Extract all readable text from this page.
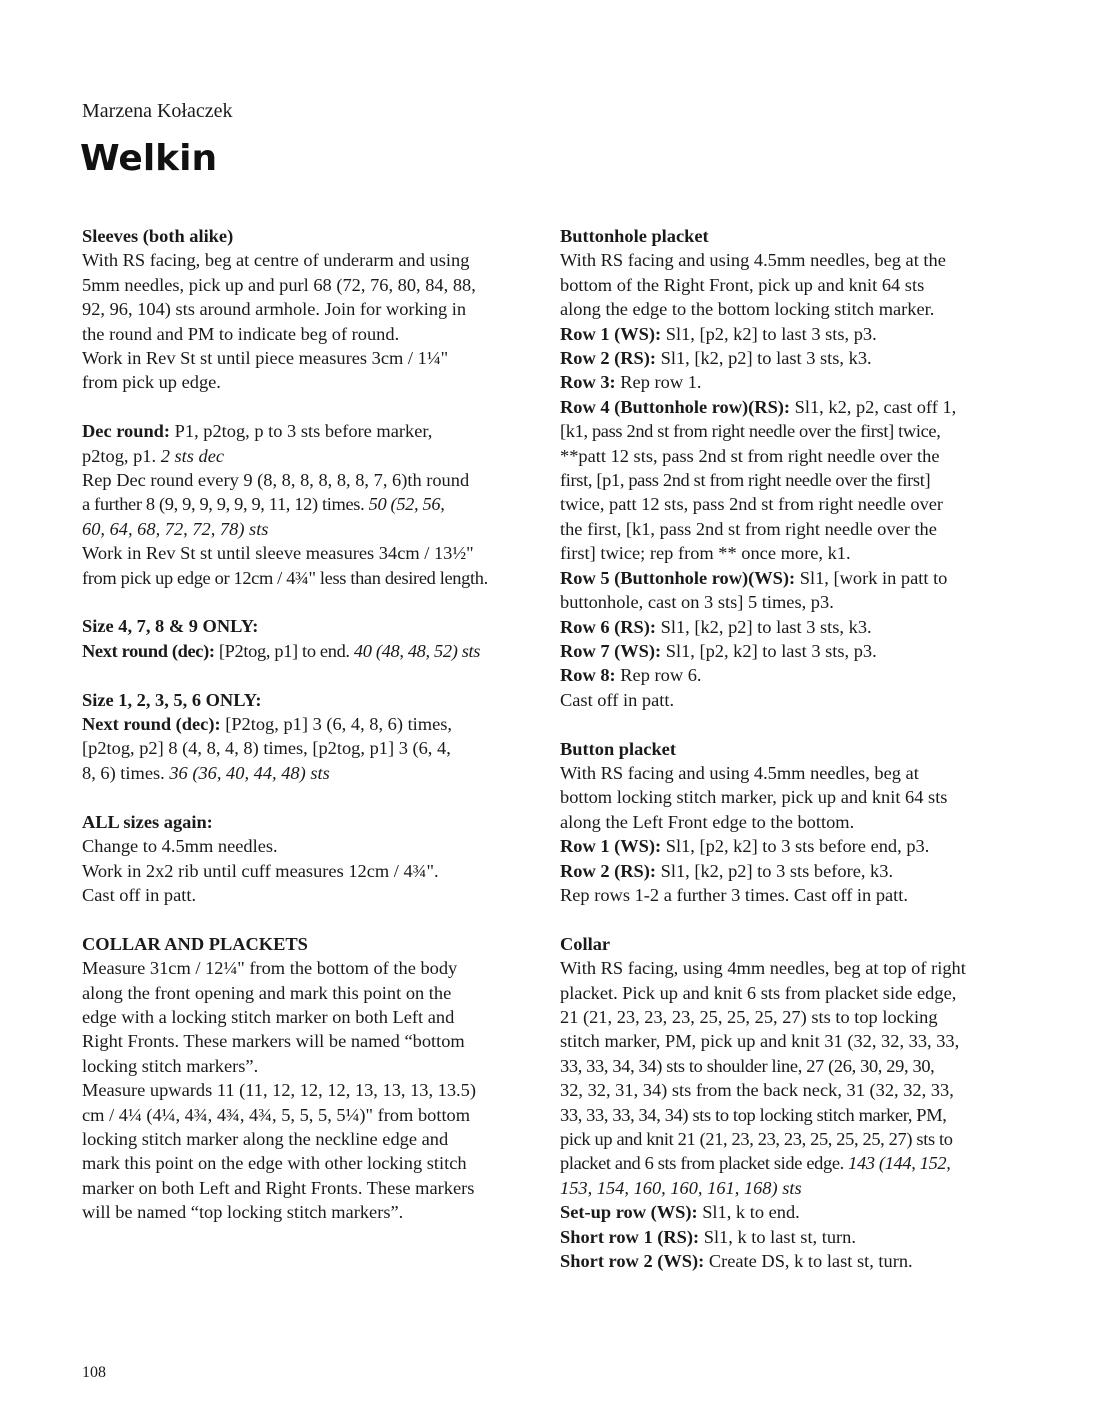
Marzena Kołaczek
Welkin
Sleeves (both alike)
With RS facing, beg at centre of underarm and using
5mm needles, pick up and purl 68 (72, 76, 80, 84, 88,
92, 96, 104) sts around armhole. Join for working in
the round and PM to indicate beg of round.
Work in Rev St st until piece measures 3cm / 1¼"
from pick up edge.
Dec round: P1, p2tog, p to 3 sts before marker,
p2tog, p1. 2 sts dec
Rep Dec round every 9 (8, 8, 8, 8, 8, 8, 7, 6)th round
a further 8 (9, 9, 9, 9, 9, 9, 11, 12) times. 50 (52, 56,
60, 64, 68, 72, 72, 78) sts
Work in Rev St st until sleeve measures 34cm / 13½"
from pick up edge or 12cm / 4¾" less than desired length.
Size 4, 7, 8 & 9 ONLY:
Next round (dec): [P2tog, p1] to end. 40 (48, 48, 52) sts
Size 1, 2, 3, 5, 6 ONLY:
Next round (dec): [P2tog, p1] 3 (6, 4, 8, 6) times,
[p2tog, p2] 8 (4, 8, 4, 8) times, [p2tog, p1] 3 (6, 4,
8, 6) times. 36 (36, 40, 44, 48) sts
ALL sizes again:
Change to 4.5mm needles.
Work in 2x2 rib until cuff measures 12cm / 4¾".
Cast off in patt.
COLLAR AND PLACKETS
Measure 31cm / 12¼" from the bottom of the body
along the front opening and mark this point on the
edge with a locking stitch marker on both Left and
Right Fronts. These markers will be named “bottom
locking stitch markers”.
Measure upwards 11 (11, 12, 12, 12, 13, 13, 13, 13.5)
cm / 4¼ (4¼, 4¾, 4¾, 4¾, 5, 5, 5, 5¼)" from bottom
locking stitch marker along the neckline edge and
mark this point on the edge with other locking stitch
marker on both Left and Right Fronts. These markers
will be named “top locking stitch markers”.
Buttonhole placket
With RS facing and using 4.5mm needles, beg at the
bottom of the Right Front, pick up and knit 64 sts
along the edge to the bottom locking stitch marker.
Row 1 (WS): Sl1, [p2, k2] to last 3 sts, p3.
Row 2 (RS): Sl1, [k2, p2] to last 3 sts, k3.
Row 3: Rep row 1.
Row 4 (Buttonhole row)(RS): Sl1, k2, p2, cast off 1,
[k1, pass 2nd st from right needle over the first] twice,
**patt 12 sts, pass 2nd st from right needle over the
first, [p1, pass 2nd st from right needle over the first]
twice, patt 12 sts, pass 2nd st from right needle over
the first, [k1, pass 2nd st from right needle over the
first] twice; rep from ** once more, k1.
Row 5 (Buttonhole row)(WS): Sl1, [work in patt to
buttonhole, cast on 3 sts] 5 times, p3.
Row 6 (RS): Sl1, [k2, p2] to last 3 sts, k3.
Row 7 (WS): Sl1, [p2, k2] to last 3 sts, p3.
Row 8: Rep row 6.
Cast off in patt.
Button placket
With RS facing and using 4.5mm needles, beg at
bottom locking stitch marker, pick up and knit 64 sts
along the Left Front edge to the bottom.
Row 1 (WS): Sl1, [p2, k2] to 3 sts before end, p3.
Row 2 (RS): Sl1, [k2, p2] to 3 sts before, k3.
Rep rows 1-2 a further 3 times. Cast off in patt.
Collar
With RS facing, using 4mm needles, beg at top of right
placket. Pick up and knit 6 sts from placket side edge,
21 (21, 23, 23, 23, 25, 25, 25, 27) sts to top locking
stitch marker, PM, pick up and knit 31 (32, 32, 33, 33,
33, 33, 34, 34) sts to shoulder line, 27 (26, 30, 29, 30,
32, 32, 31, 34) sts from the back neck, 31 (32, 32, 33,
33, 33, 33, 34, 34) sts to top locking stitch marker, PM,
pick up and knit 21 (21, 23, 23, 23, 25, 25, 25, 27) sts to
placket and 6 sts from placket side edge. 143 (144, 152,
153, 154, 160, 160, 161, 168) sts
Set-up row (WS): Sl1, k to end.
Short row 1 (RS): Sl1, k to last st, turn.
Short row 2 (WS): Create DS, k to last st, turn.
108
